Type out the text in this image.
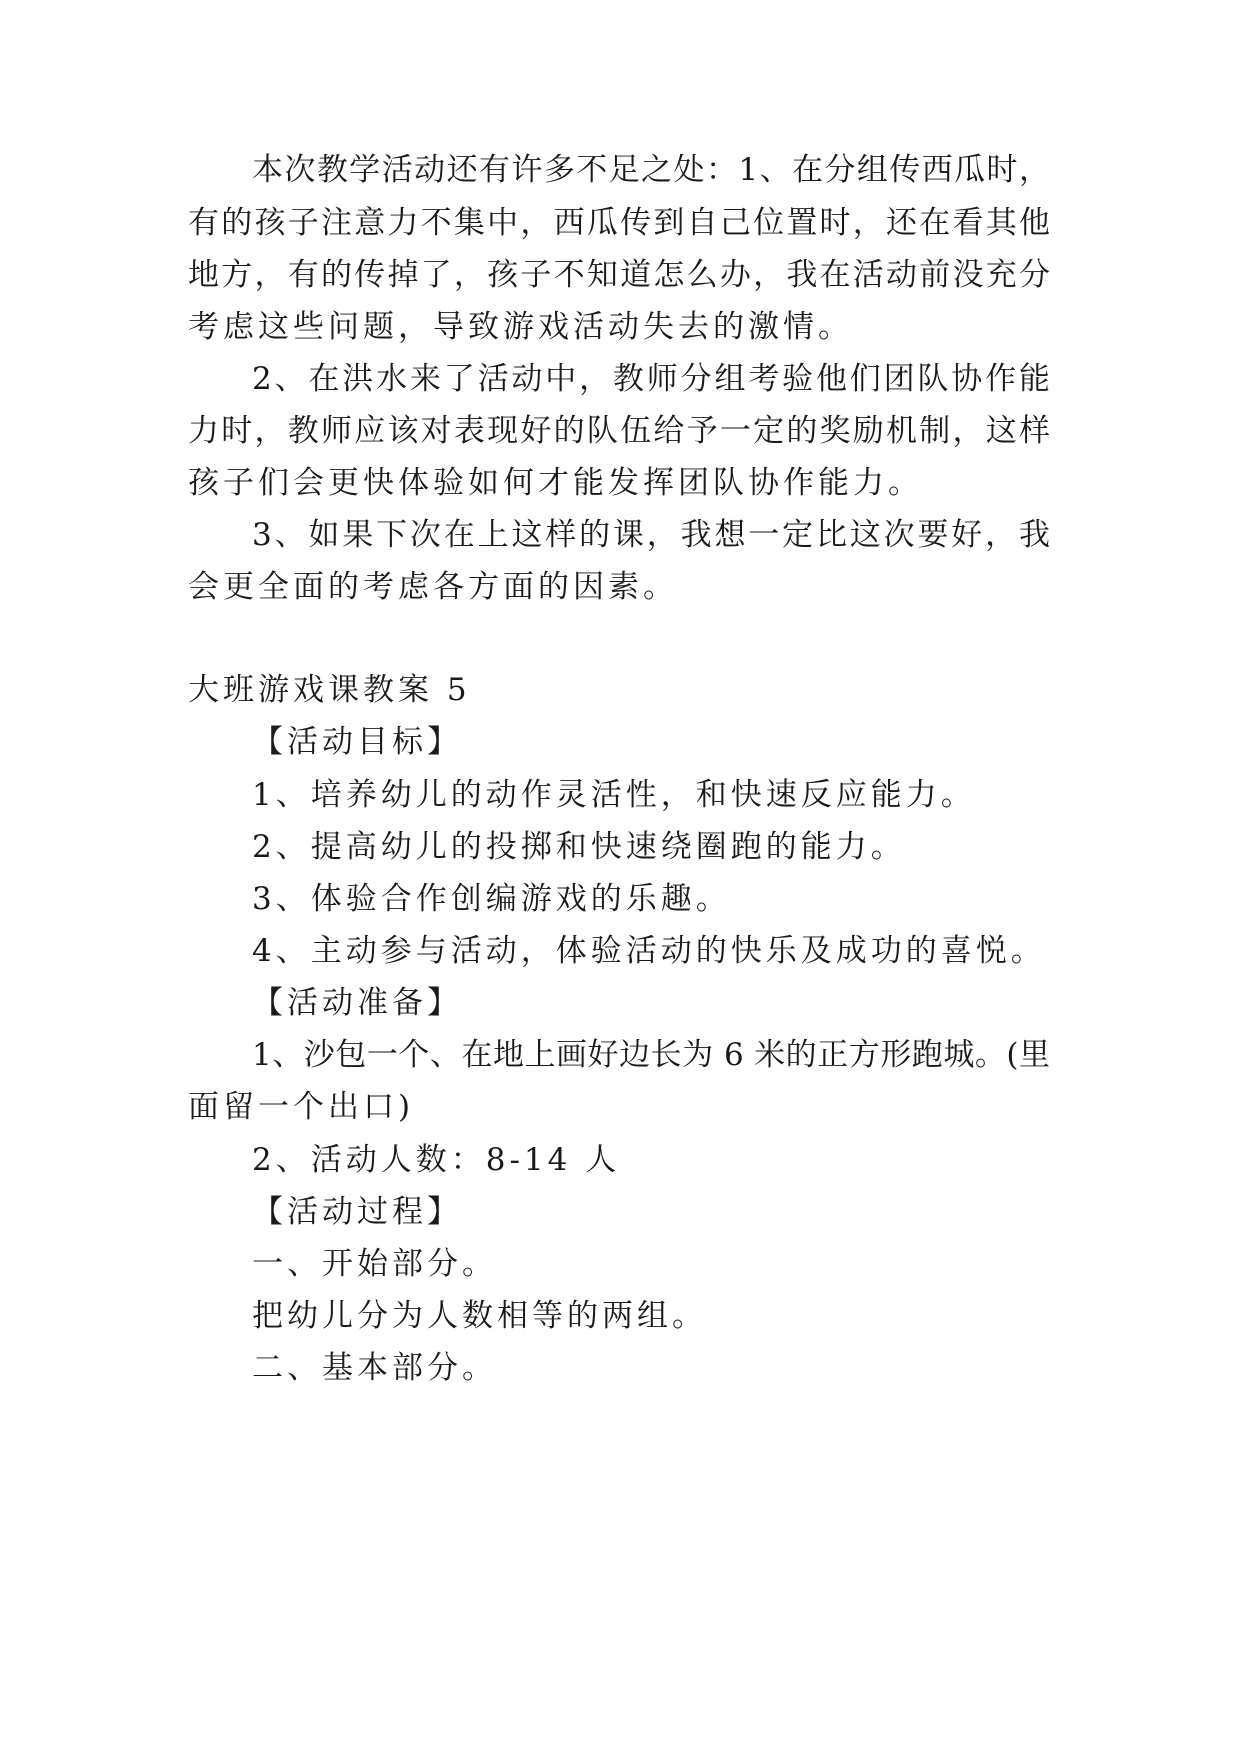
本次教学活动还有许多不足之处：1、在分组传西瓜时，
有的孩子注意力不集中，西瓜传到自己位置时，还在看其他
地方，有的传掉了，孩子不知道怎么办，我在活动前没充分
考虑这些问题，导致游戏活动失去的激情。
2、在洪水来了活动中，教师分组考验他们团队协作能
力时，教师应该对表现好的队伍给予一定的奖励机制，这样
孩子们会更快体验如何才能发挥团队协作能力。
3、如果下次在上这样的课，我想一定比这次要好，我
会更全面的考虑各方面的因素。
大班游戏课教案 5
【活动目标】
1、培养幼儿的动作灵活性，和快速反应能力。
2、提高幼儿的投掷和快速绕圈跑的能力。
3、体验合作创编游戏的乐趣。
4、主动参与活动，体验活动的快乐及成功的喜悦。
【活动准备】
1、沙包一个、在地上画好边长为 6 米的正方形跑城。(里
面留一个出口)
2、活动人数：8-14 人
【活动过程】
一、开始部分。
把幼儿分为人数相等的两组。
二、基本部分。
